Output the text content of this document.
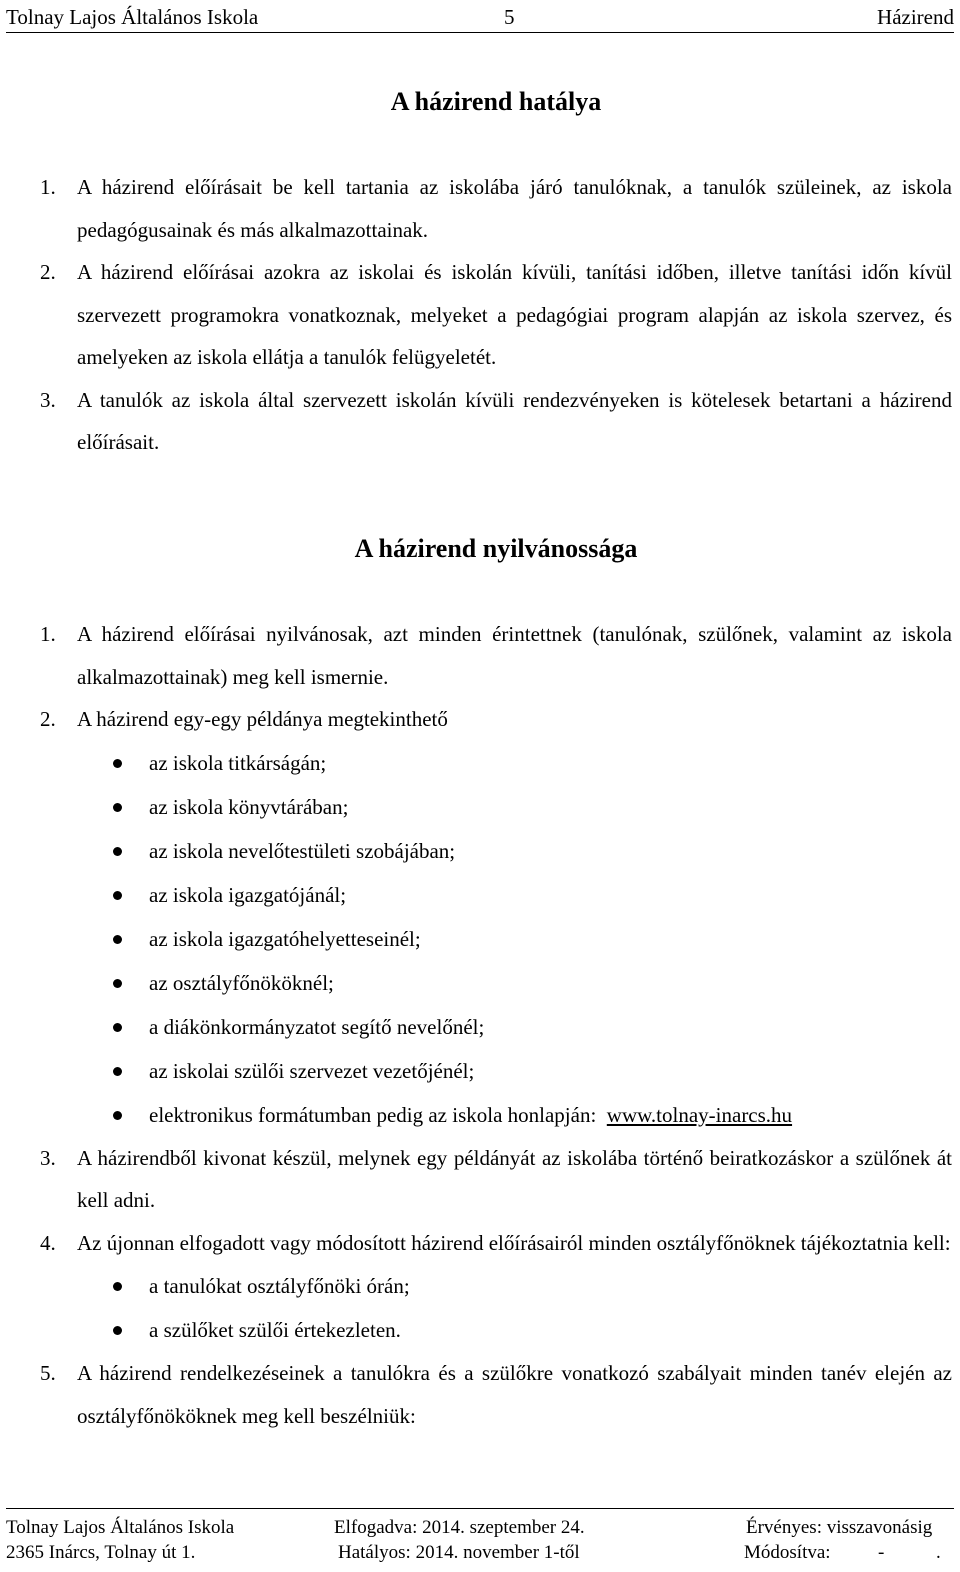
Tolnay Lajos Általános Iskola	5	Házirend
A házirend hatálya
1. A házirend előírásait be kell tartania az iskolába járó tanulóknak, a tanulók szüleinek, az iskola pedagógusainak és más alkalmazottainak.
2. A házirend előírásai azokra az iskolai és iskolán kívüli, tanítási időben, illetve tanítási időn kívül szervezett programokra vonatkoznak, melyeket a pedagógiai program alapján az iskola szervez, és amelyeken az iskola ellátja a tanulók felügyeletét.
3. A tanulók az iskola által szervezett iskolán kívüli rendezvényeken is kötelesek betartani a házirend előírásait.
A házirend nyilvánossága
1. A házirend előírásai nyilvánosak, azt minden érintettnek (tanulónak, szülőnek, valamint az iskola alkalmazottainak) meg kell ismernie.
2. A házirend egy-egy példánya megtekinthető
az iskola titkárságán;
az iskola könyvtárában;
az iskola nevelőtestületi szobájában;
az iskola igazgatójánál;
az iskola igazgatóhelyetteseinél;
az osztályfőnököknél;
a diákönkormányzatot segítő nevelőnél;
az iskolai szülői szervezet vezetőjénél;
elektronikus formátumban pedig az iskola honlapján: www.tolnay-inarcs.hu
3. A házirendből kivonat készül, melynek egy példányát az iskolába történő beiratkozáskor a szülőnek át kell adni.
4. Az újonnan elfogadott vagy módosított házirend előírásairól minden osztályfőnöknek tájékoztatnia kell:
a tanulókat osztályfőnöki órán;
a szülőket szülői értekezleten.
5. A házirend rendelkezéseinek a tanulókra és a szülőkre vonatkozó szabályait minden tanév elején az osztályfőnököknek meg kell beszélniük:
Tolnay Lajos Általános Iskola
2365 Inárcs, Tolnay út 1.
Elfogadva: 2014. szeptember 24.
Hatályos: 2014. november 1-től
Érvényes: visszavonásig
Módosítva: -	.
